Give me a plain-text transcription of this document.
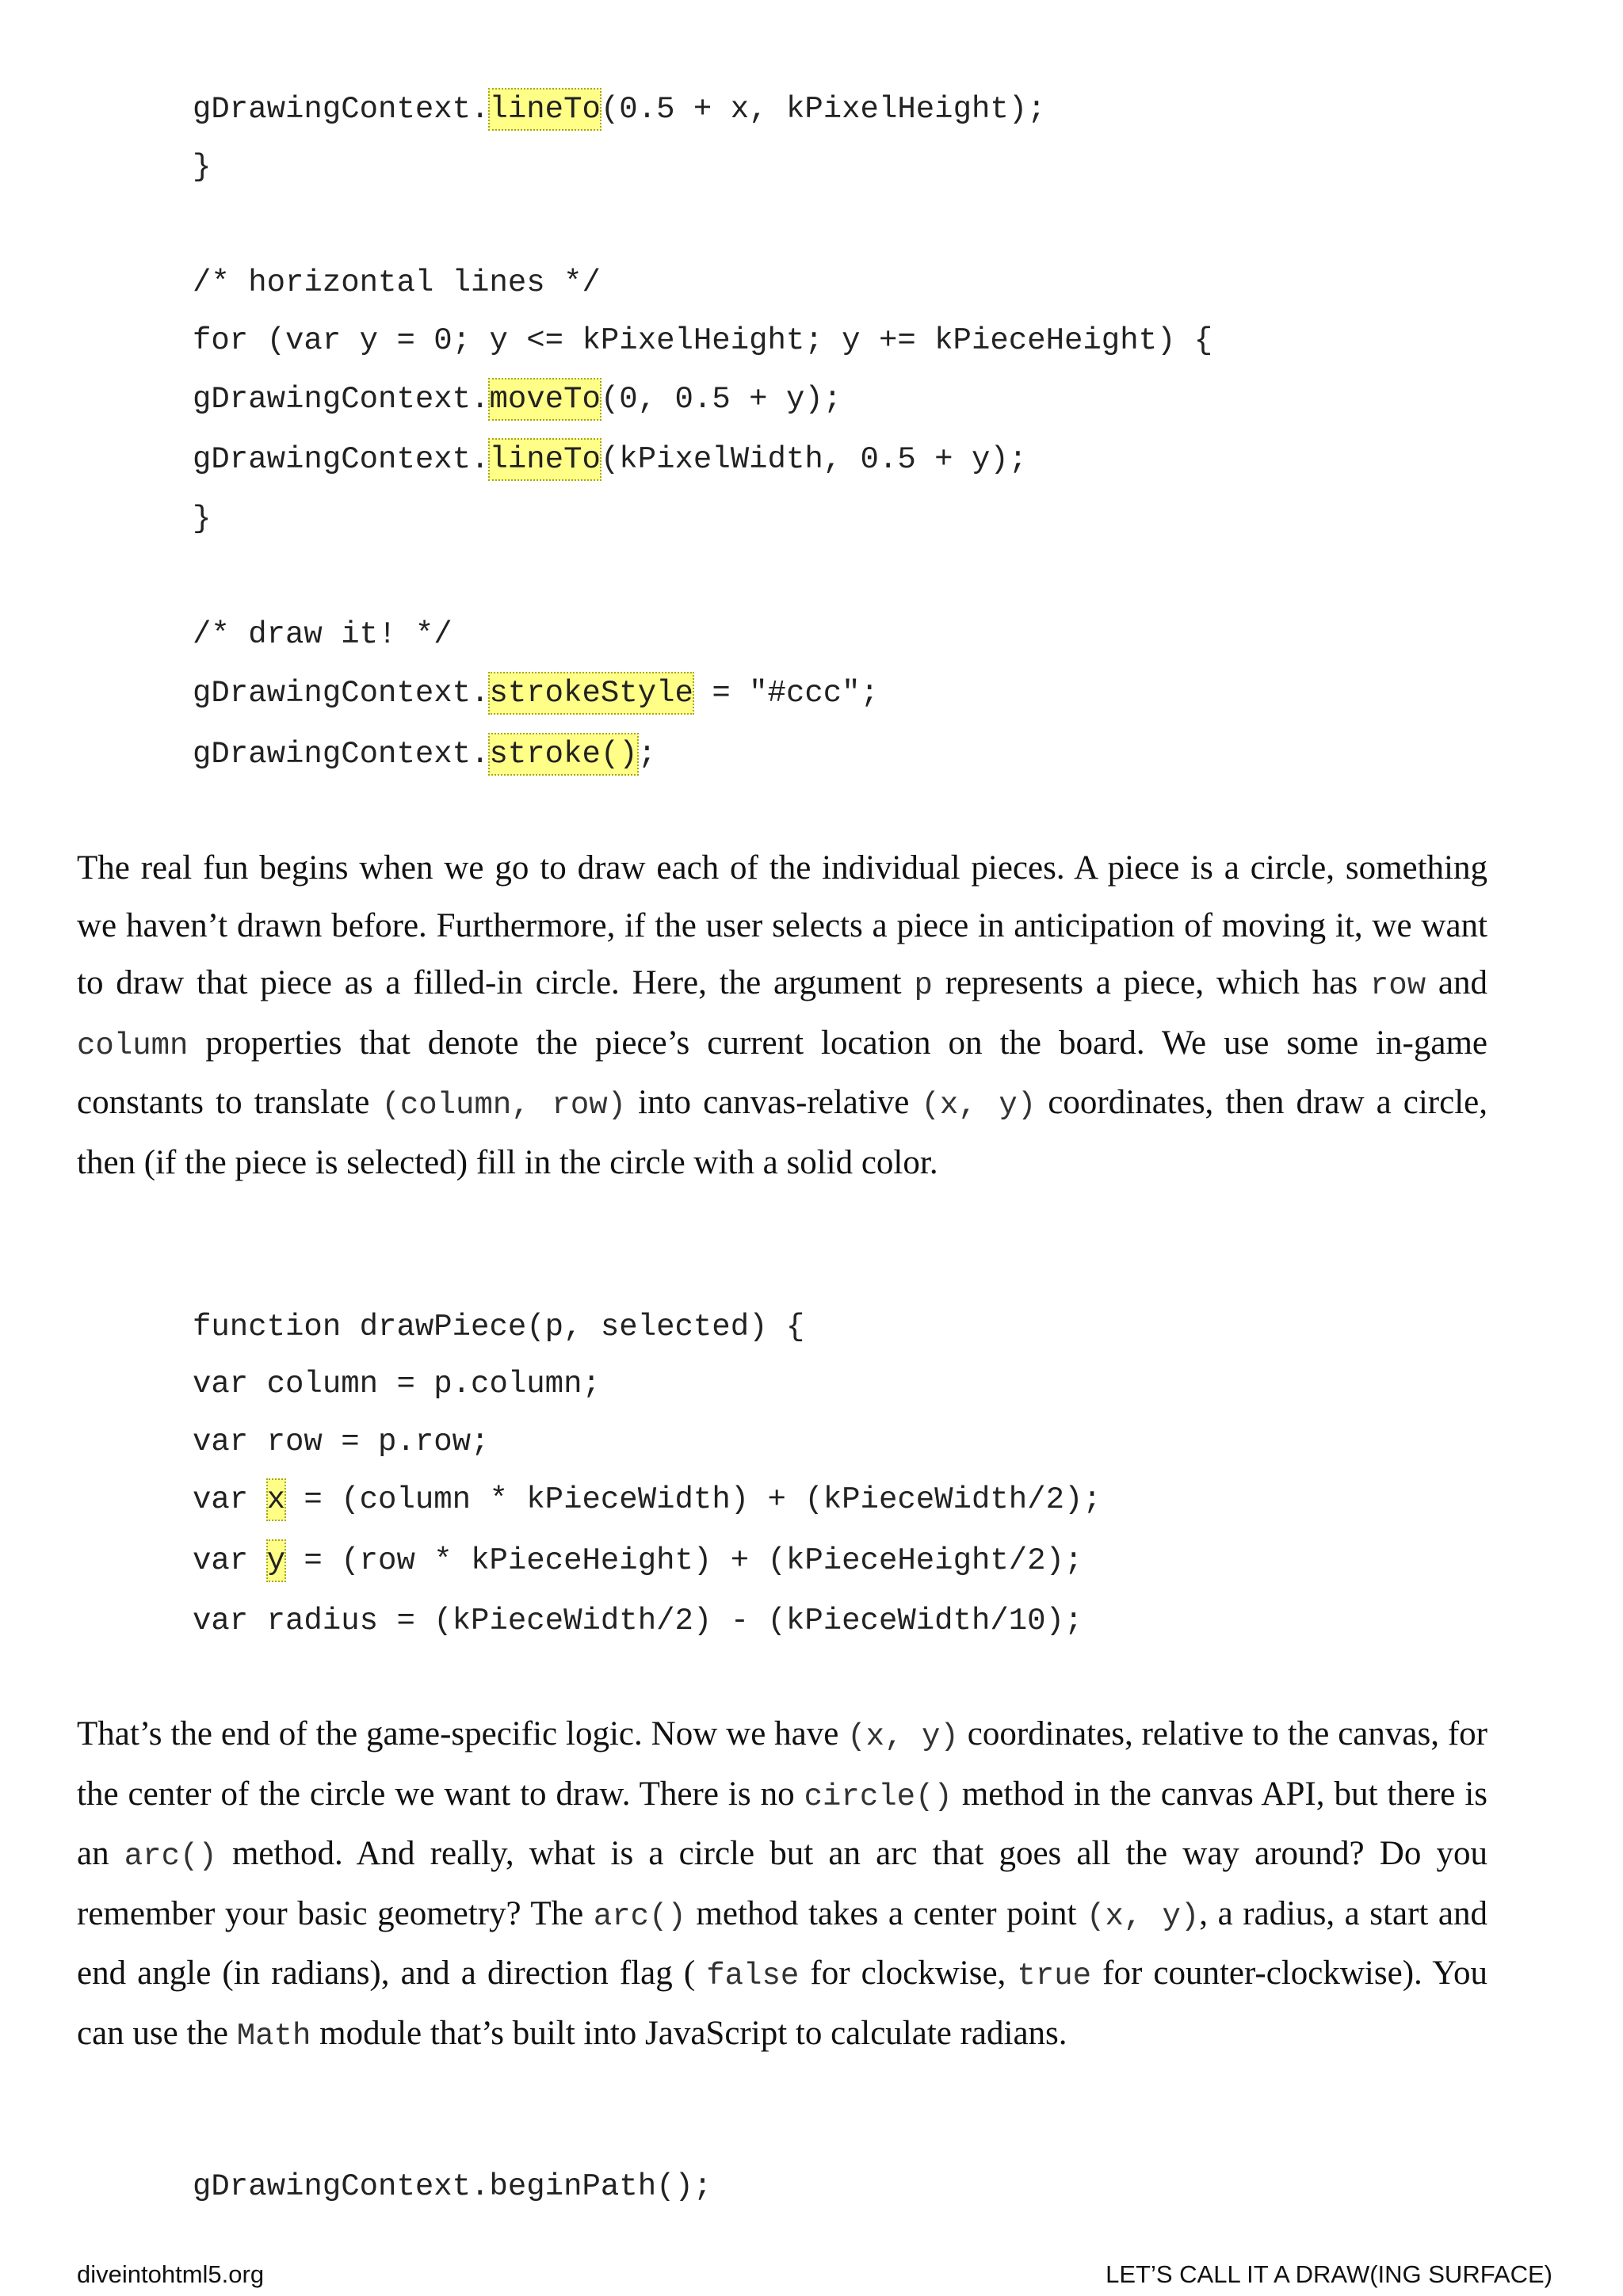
gDrawingContext.lineTo(0.5 + x, kPixelHeight);
}
/* horizontal lines */
for (var y = 0; y <= kPixelHeight; y += kPieceHeight) {
gDrawingContext.moveTo(0, 0.5 + y);
gDrawingContext.lineTo(kPixelWidth, 0.5 + y);
}
/* draw it! */
gDrawingContext.strokeStyle = "#ccc";
gDrawingContext.stroke();

The real fun begins when we go to draw each of the individual pieces. A piece is a circle, something we haven’t drawn before. Furthermore, if the user selects a piece in anticipation of moving it, we want to draw that piece as a filled-in circle. Here, the argument p represents a piece, which has row and column properties that denote the piece’s current location on the board. We use some in-game constants to translate (column, row) into canvas-relative (x, y) coordinates, then draw a circle, then (if the piece is selected) fill in the circle with a solid color.

function drawPiece(p, selected) {
var column = p.column;
var row = p.row;
var x = (column * kPieceWidth) + (kPieceWidth/2);
var y = (row * kPieceHeight) + (kPieceHeight/2);
var radius = (kPieceWidth/2) - (kPieceWidth/10);

That’s the end of the game-specific logic. Now we have (x, y) coordinates, relative to the canvas, for the center of the circle we want to draw. There is no circle() method in the canvas API, but there is an arc() method. And really, what is a circle but an arc that goes all the way around? Do you remember your basic geometry? The arc() method takes a center point (x, y), a radius, a start and end angle (in radians), and a direction flag ( false for clockwise, true for counter-clockwise). You can use the Math module that’s built into JavaScript to calculate radians.

gDrawingContext.beginPath();
diveintohtml5.org	LET’S CALL IT A DRAW(ING SURFACE)
